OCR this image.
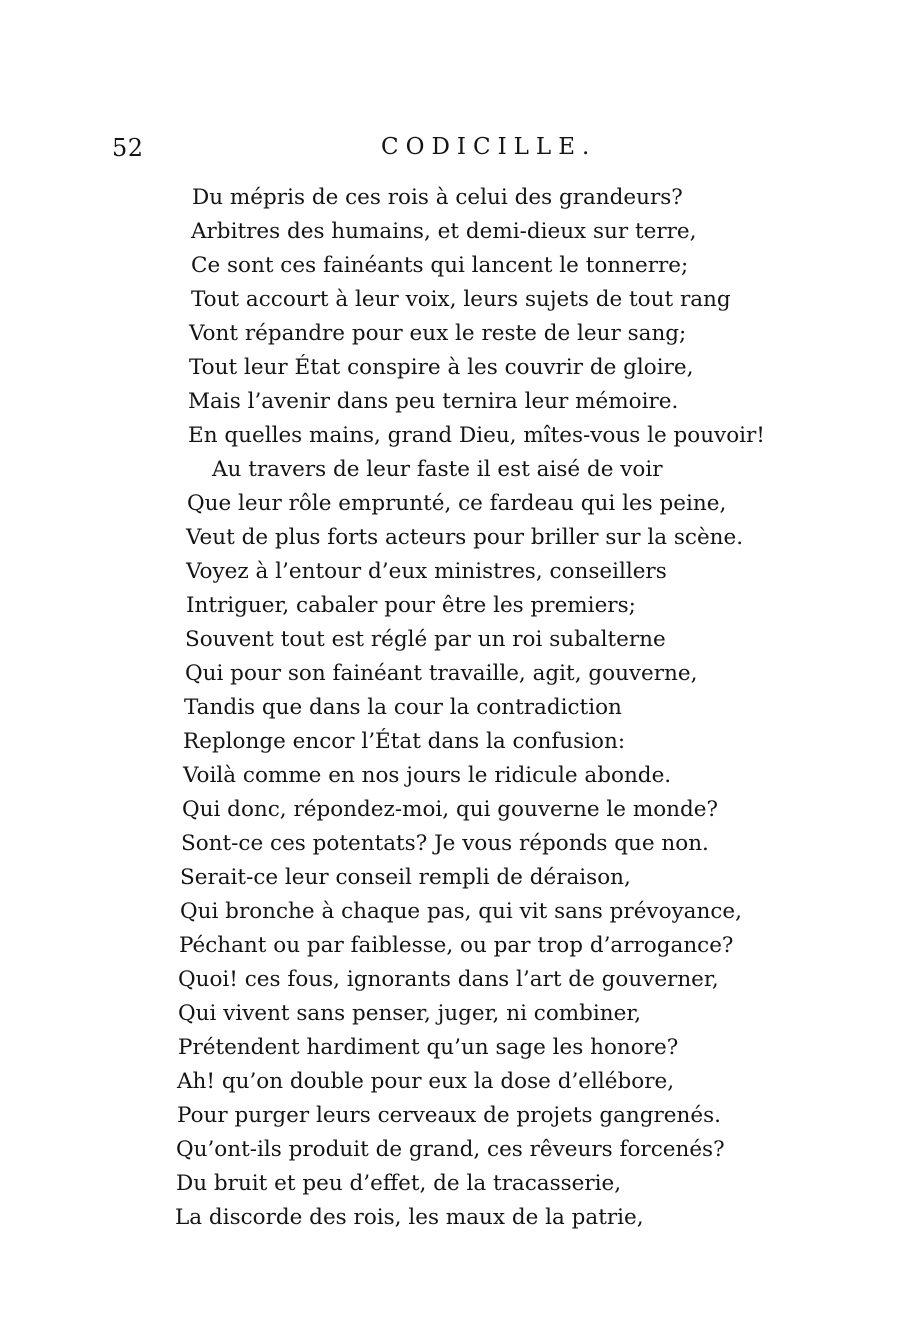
52	CODICILLE.
Du mépris de ces rois à celui des grandeurs?
Arbitres des humains, et demi-dieux sur terre,
Ce sont ces fainéants qui lancent le tonnerre;
Tout accourt à leur voix, leurs sujets de tout rang
Vont répandre pour eux le reste de leur sang;
Tout leur État conspire à les couvrir de gloire,
Mais l’avenir dans peu ternira leur mémoire.
En quelles mains, grand Dieu, mîtes-vous le pouvoir!
Au travers de leur faste il est aisé de voir
Que leur rôle emprunté, ce fardeau qui les peine,
Veut de plus forts acteurs pour briller sur la scène.
Voyez à l’entour d’eux ministres, conseillers
Intriguer, cabaler pour être les premiers;
Souvent tout est réglé par un roi subalterne
Qui pour son fainéant travaille, agit, gouverne,
Tandis que dans la cour la contradiction
Replonge encor l’État dans la confusion:
Voilà comme en nos jours le ridicule abonde.
Qui donc, répondez-moi, qui gouverne le monde?
Sont-ce ces potentats? Je vous réponds que non.
Serait-ce leur conseil rempli de déraison,
Qui bronche à chaque pas, qui vit sans prévoyance,
Péchant ou par faiblesse, ou par trop d’arrogance?
Quoi! ces fous, ignorants dans l’art de gouverner,
Qui vivent sans penser, juger, ni combiner,
Prétendent hardiment qu’un sage les honore?
Ah! qu’on double pour eux la dose d’ellébore,
Pour purger leurs cerveaux de projets gangrenés.
Qu’ont-ils produit de grand, ces rêveurs forcenés?
Du bruit et peu d’effet, de la tracasserie,
La discorde des rois, les maux de la patrie,
